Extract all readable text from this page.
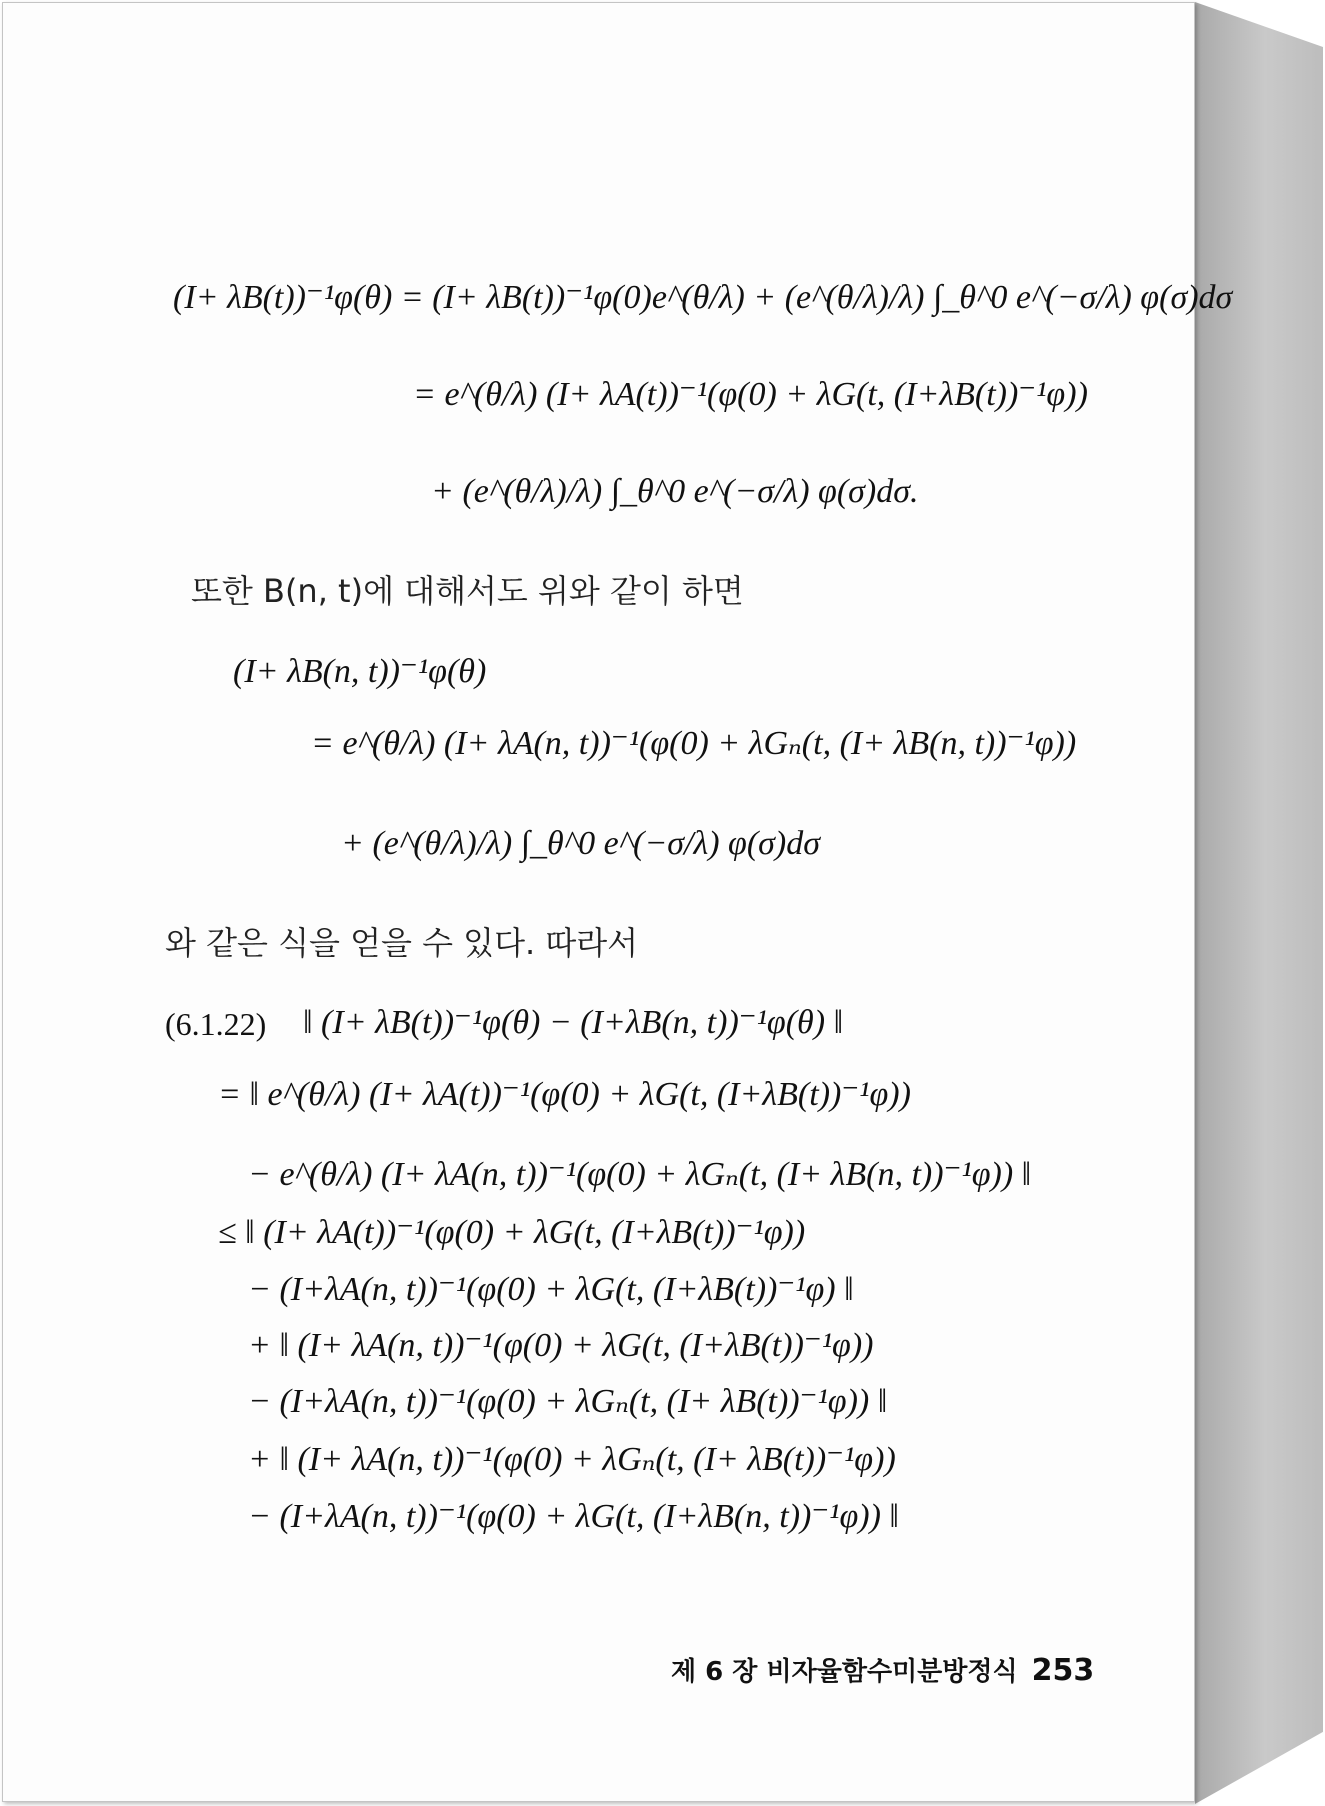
(I+ λB(t))⁻¹φ(θ) = (I+ λB(t))⁻¹φ(0)e^(θ/λ) + (e^(θ/λ)/λ) ∫_θ^0 e^(−σ/λ) φ(σ)dσ
= e^(θ/λ) (I+ λA(t))⁻¹(φ(0) + λG(t, (I+λB(t))⁻¹φ))
+ (e^(θ/λ)/λ) ∫_θ^0 e^(−σ/λ) φ(σ)dσ.
또한 B(n, t)에 대해서도 위와 같이 하면
(I+ λB(n, t))⁻¹φ(θ)
= e^(θ/λ) (I+ λA(n, t))⁻¹(φ(0) + λGₙ(t, (I+ λB(n, t))⁻¹φ))
+ (e^(θ/λ)/λ) ∫_θ^0 e^(−σ/λ) φ(σ)dσ
와 같은 식을 얻을 수 있다. 따라서
(6.1.22) ‖ (I+ λB(t))⁻¹φ(θ) − (I+λB(n, t))⁻¹φ(θ) ‖
= ‖ e^(θ/λ) (I+ λA(t))⁻¹(φ(0) + λG(t, (I+λB(t))⁻¹φ))
− e^(θ/λ) (I+ λA(n, t))⁻¹(φ(0) + λGₙ(t, (I+ λB(n, t))⁻¹φ)) ‖
≤ ‖ (I+ λA(t))⁻¹(φ(0) + λG(t, (I+λB(t))⁻¹φ))
− (I+λA(n, t))⁻¹(φ(0) + λG(t, (I+λB(t))⁻¹φ) ‖
+ ‖ (I+ λA(n, t))⁻¹(φ(0) + λG(t, (I+λB(t))⁻¹φ))
− (I+λA(n, t))⁻¹(φ(0) + λGₙ(t, (I+ λB(t))⁻¹φ)) ‖
+ ‖ (I+ λA(n, t))⁻¹(φ(0) + λGₙ(t, (I+ λB(t))⁻¹φ))
− (I+λA(n, t))⁻¹(φ(0) + λG(t, (I+λB(n, t))⁻¹φ)) ‖
제 6 장 비자율함수미분방정식 253
